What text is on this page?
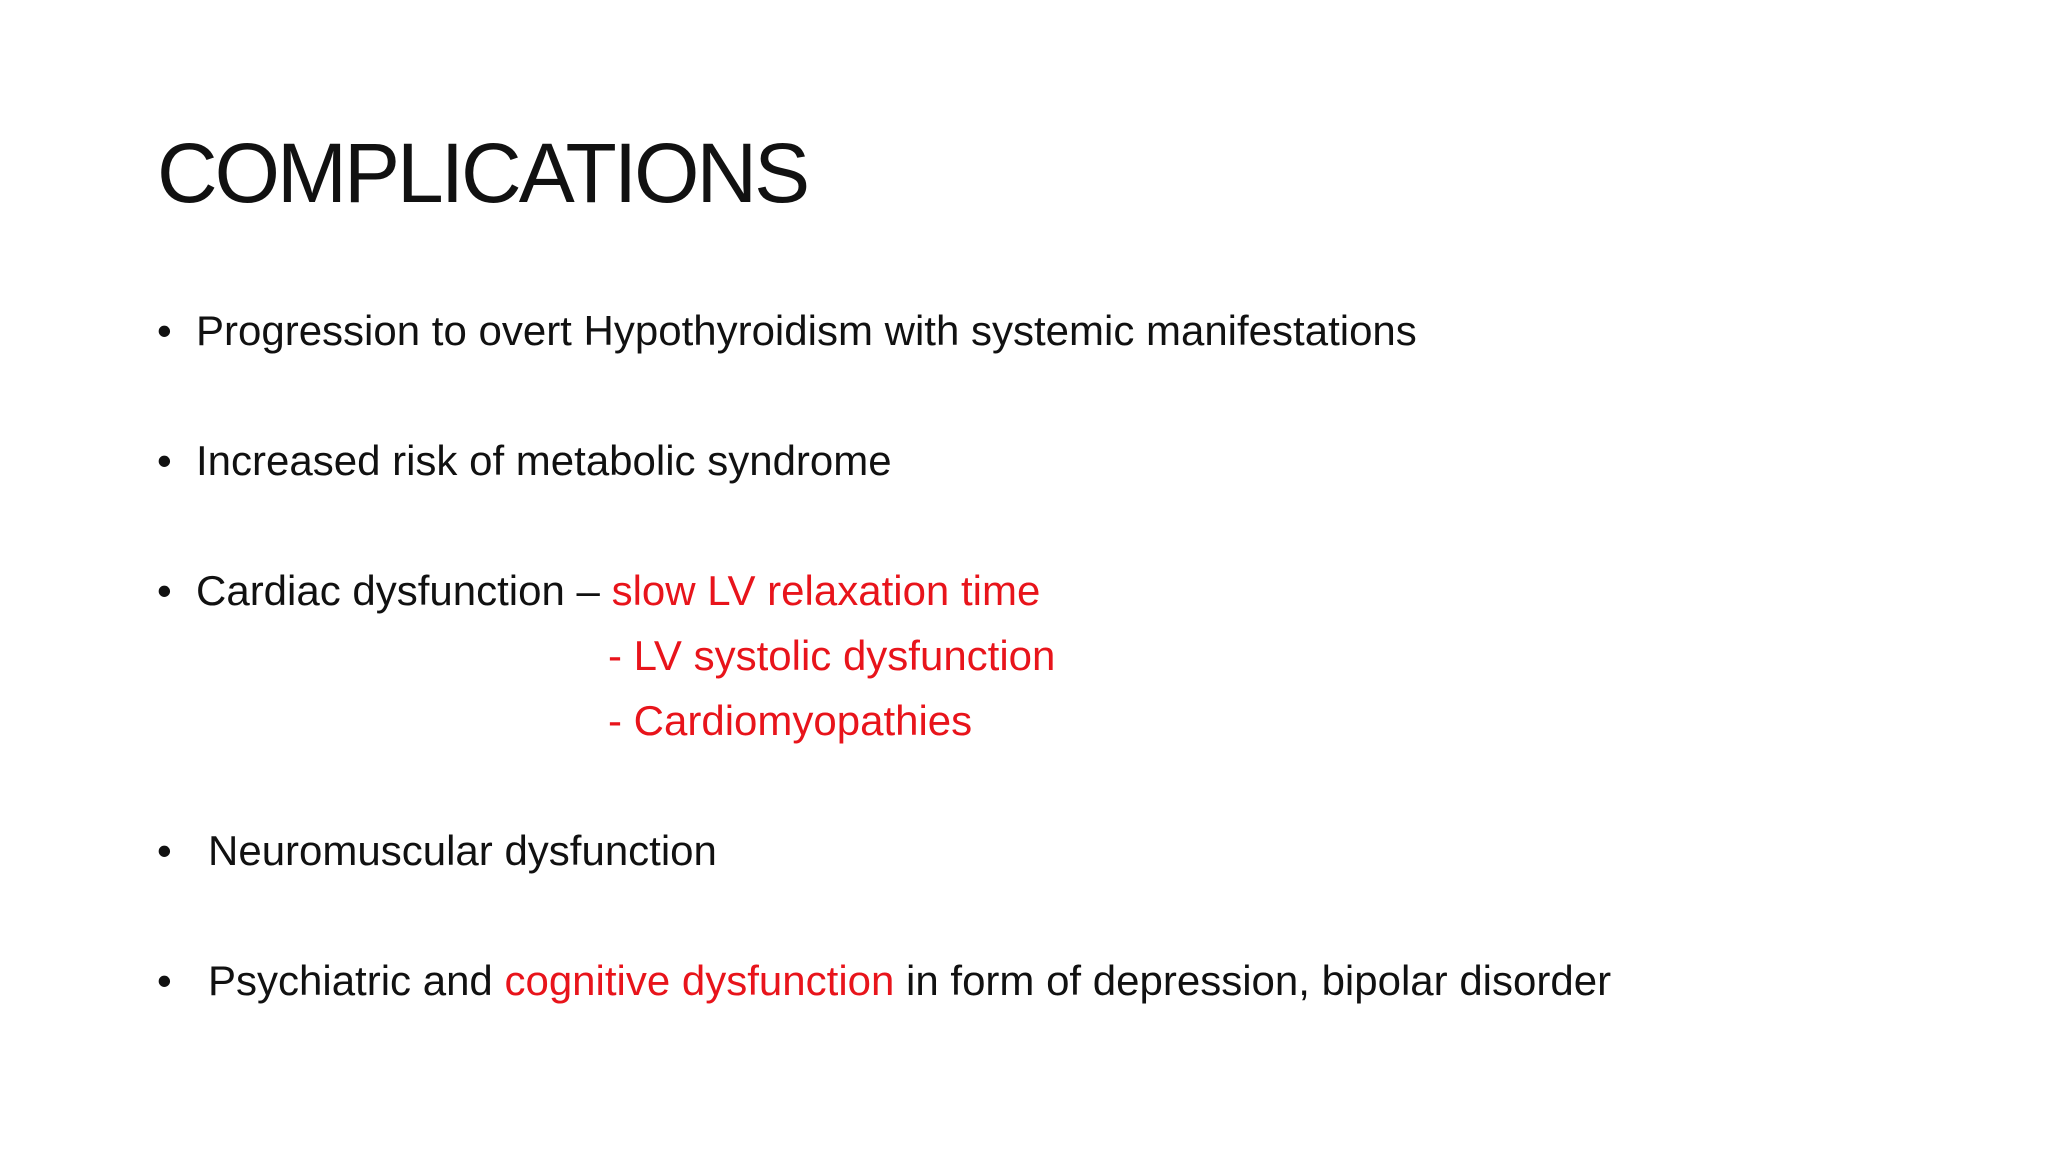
COMPLICATIONS
• Progression to overt Hypothyroidism with systemic manifestations
• Increased risk of metabolic syndrome
• Cardiac dysfunction – slow LV relaxation time
- LV systolic dysfunction
- Cardiomyopathies
• Neuromuscular dysfunction
• Psychiatric and cognitive dysfunction in form of depression, bipolar disorder
